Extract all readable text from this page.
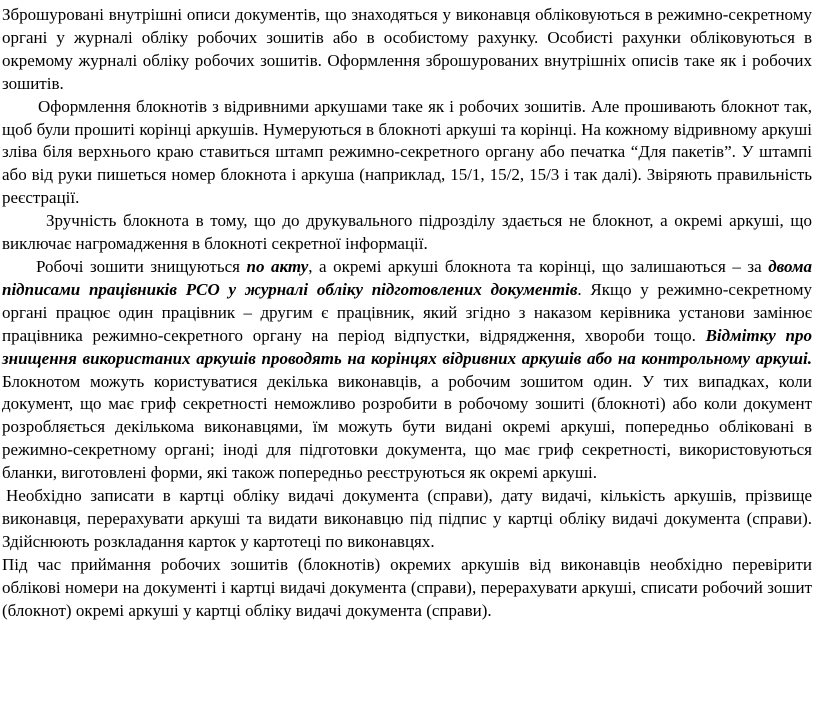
Зброшуровані внутрішні описи документів, що знаходяться у виконавця обліковуються в режимно-секретному органі у журналі обліку робочих зошитів або в особистому рахунку. Особисті рахунки обліковуються в окремому журналі обліку робочих зошитів. Оформлення зброшурованих внутрішніх описів таке як і робочих зошитів.

Оформлення блокнотів з відривними аркушами таке як і робочих зошитів. Але прошивають блокнот так, щоб були прошиті корінці аркушів. Нумеруються в блокноті аркуші та корінці. На кожному відривному аркуші зліва біля верхнього краю ставиться штамп режимно-секретного органу або печатка “Для пакетів”. У штампі або від руки пишеться номер блокнота і аркуша (наприклад, 15/1, 15/2, 15/3 і так далі). Звіряють правильність реєстрації.

Зручність блокнота в тому, що до друкувального підрозділу здається не блокнот, а окремі аркуші, що виключає нагромадження в блокноті секретної інформації.

Робочі зошити знищуються по акту, а окремі аркуші блокнота та корінці, що залишаються – за двома підписами працівників РСО у журналі обліку підготовлених документів. Якщо у режимно-секретному органі працює один працівник – другим є працівник, який згідно з наказом керівника установи замінює працівника режимно-секретного органу на період відпустки, відрядження, хвороби тощо. Відмітку про знищення використаних аркушів проводять на корінцях відривних аркушів або на контрольному аркуші. Блокнотом можуть користуватися декілька виконавців, а робочим зошитом один. У тих випадках, коли документ, що має гриф секретності неможливо розробити в робочому зошиті (блокноті) або коли документ розробляється декількома виконавцями, їм можуть бути видані окремі аркуші, попередньо обліковані в режимно-секретному органі; іноді для підготовки документа, що має гриф секретності, використовуються бланки, виготовлені форми, які також попередньо реєструються як окремі аркуші.

Необхідно записати в картці обліку видачі документа (справи), дату видачі, кількість аркушів, прізвище виконавця, перерахувати аркуші та видати виконавцю під підпис у картці обліку видачі документа (справи). Здійснюють розкладання карток у картотеці по виконавцях.

Під час приймання робочих зошитів (блокнотів) окремих аркушів від виконавців необхідно перевірити облікові номери на документі і картці видачі документа (справи), перерахувати аркуші, списати робочий зошит (блокнот) окремі аркуші у картці обліку видачі документа (справи).
